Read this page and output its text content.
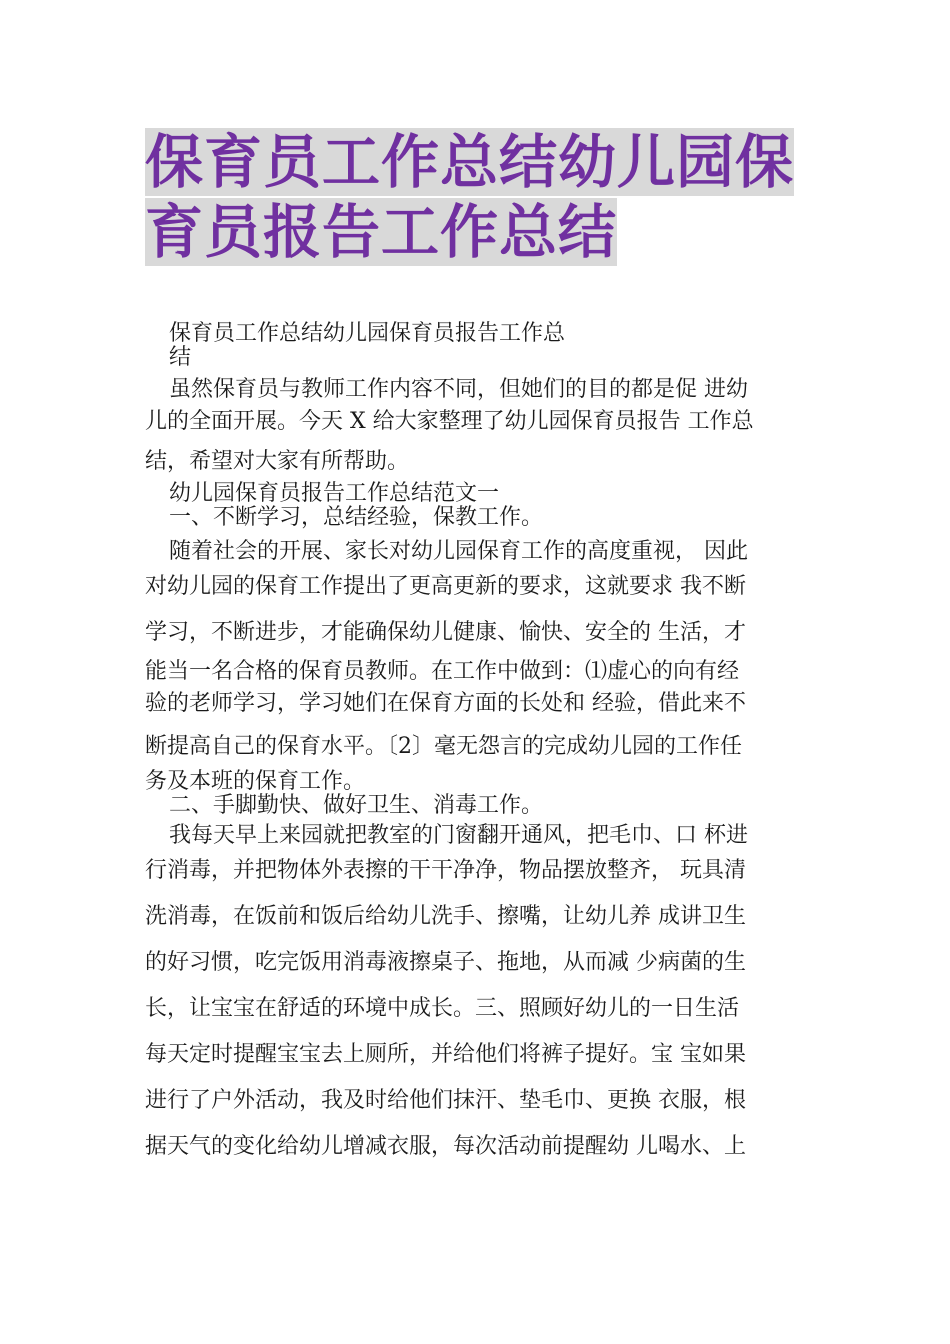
保育员工作总结幼儿园保
育员报告工作总结
保育员工作总结幼儿园保育员报告工作总
结
虽然保育员与教师工作内容不同，但她们的目的都是促 进幼
儿的全面开展。今天 X 给大家整理了幼儿园保育员报告 工作总
结，希望对大家有所帮助。
幼儿园保育员报告工作总结范文一
一、不断学习，总结经验，保教工作。
随着社会的开展、家长对幼儿园保育工作的高度重视， 因此
对幼儿园的保育工作提出了更高更新的要求，这就要求 我不断
学习，不断进步，才能确保幼儿健康、愉快、安全的 生活，才
能当一名合格的保育员教师。在工作中做到：⑴虚心的向有经
验的老师学习，学习她们在保育方面的长处和 经验，借此来不
断提高自己的保育水平。〔2〕毫无怨言的完成幼儿园的工作任
务及本班的保育工作。
二、手脚勤快、做好卫生、消毒工作。
我每天早上来园就把教室的门窗翻开通风，把毛巾、口 杯进
行消毒，并把物体外表擦的干干净净，物品摆放整齐， 玩具清
洗消毒，在饭前和饭后给幼儿洗手、擦嘴，让幼儿养 成讲卫生
的好习惯，吃完饭用消毒液擦桌子、拖地，从而减 少病菌的生
长，让宝宝在舒适的环境中成长。三、照顾好幼儿的一日生活
每天定时提醒宝宝去上厕所，并给他们将裤子提好。宝 宝如果
进行了户外活动，我及时给他们抹汗、垫毛巾、更换 衣服，根
据天气的变化给幼儿增减衣服，每次活动前提醒幼 儿喝水、上
